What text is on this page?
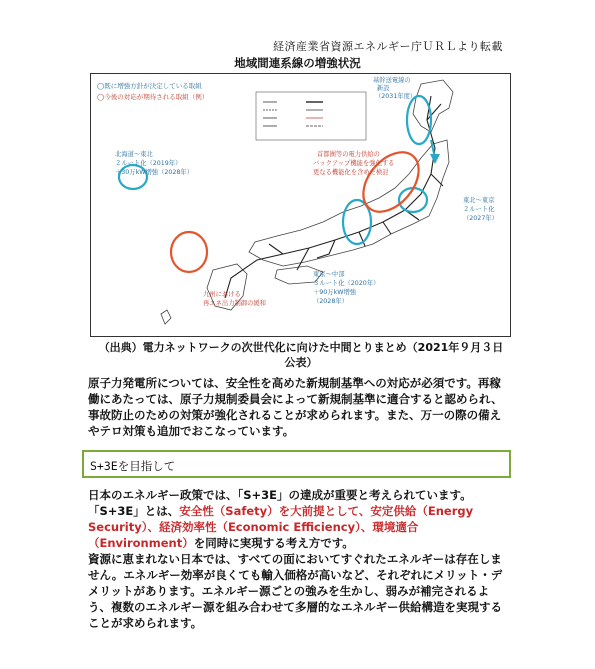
経済産業省資源エネルギー庁ＵＲＬより転載
地域間連系線の増強状況
◯既に増強方針が決定している取組
◯今後の対応が期待される取組（例）
北海道～東北
２ルート化（2019年）
＋30万kW増強（2028年）
基幹送電線の
新設
（2031年度）
東北～東京
２ルート化
（2027年）
東京～中部
３ルート化（2020年）
＋90万kW増強
（2028年）
首都圏等の電力供給の
バックアップ機能を強化する
更なる機能化を含めた検討
九州における
再エネ出力制御の緩和
（出典）電力ネットワークの次世代化に向けた中間とりまとめ（2021年９月３日公表）
原子力発電所については、安全性を高めた新規制基準への対応が必須です。再稼働にあたっては、原子力規制委員会によって新規制基準に適合すると認められ、事故防止のための対策が強化されることが求められます。また、万一の際の備えやテロ対策も追加でおこなっています。
S+3Eを目指して
日本のエネルギー政策では、「S+3E」の達成が重要と考えられています。「S+3E」とは、安全性（Safety）を大前提として、安定供給（Energy Security）、経済効率性（Economic Efficiency）、環境適合（Environment）を同時に実現する考え方です。
資源に恵まれない日本では、すべての面においてすぐれたエネルギーは存在しません。エネルギー効率が良くても輸入価格が高いなど、それぞれにメリット・デメリットがあります。エネルギー源ごとの強みを生かし、弱みが補完されるよう、複数のエネルギー源を組み合わせて多層的なエネルギー供給構造を実現することが求められます。
